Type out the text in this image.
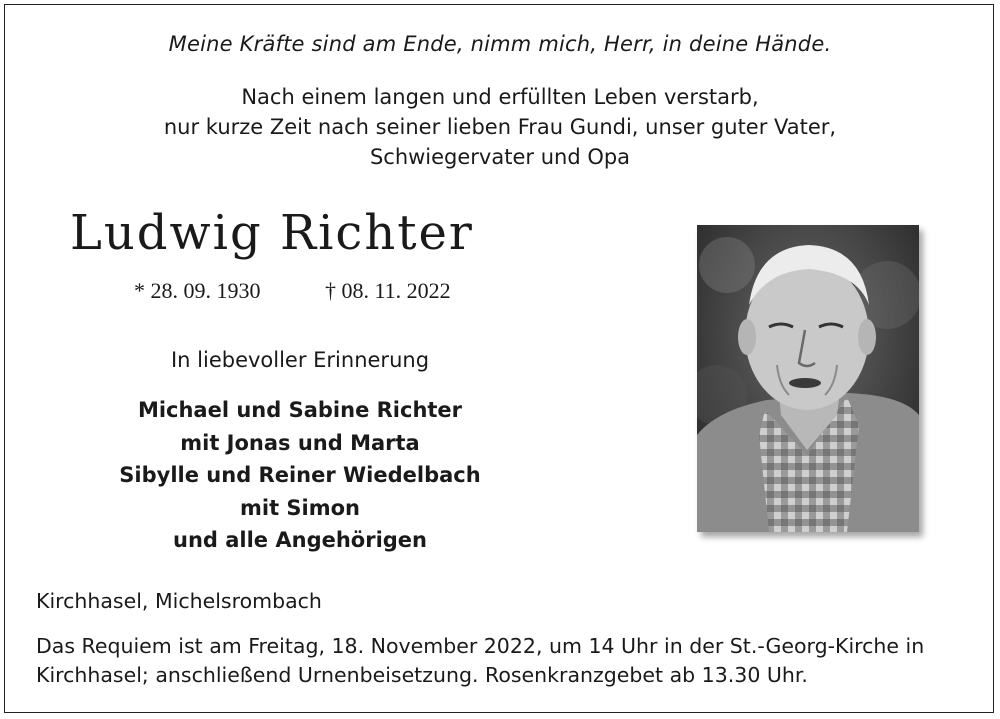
Meine Kräfte sind am Ende, nimm mich, Herr, in deine Hände.
Nach einem langen und erfüllten Leben verstarb,
nur kurze Zeit nach seiner lieben Frau Gundi, unser guter Vater,
Schwiegervater und Opa
Ludwig Richter
* 28. 09. 1930	† 08. 11. 2022
In liebevoller Erinnerung
Michael und Sabine Richter
mit Jonas und Marta
Sibylle und Reiner Wiedelbach
mit Simon
und alle Angehörigen
Kirchhasel, Michelsrombach
Das Requiem ist am Freitag, 18. November 2022, um 14 Uhr in der St.-Georg-Kirche in
Kirchhasel; anschließend Urnenbeisetzung. Rosenkranzgebet ab 13.30 Uhr.
